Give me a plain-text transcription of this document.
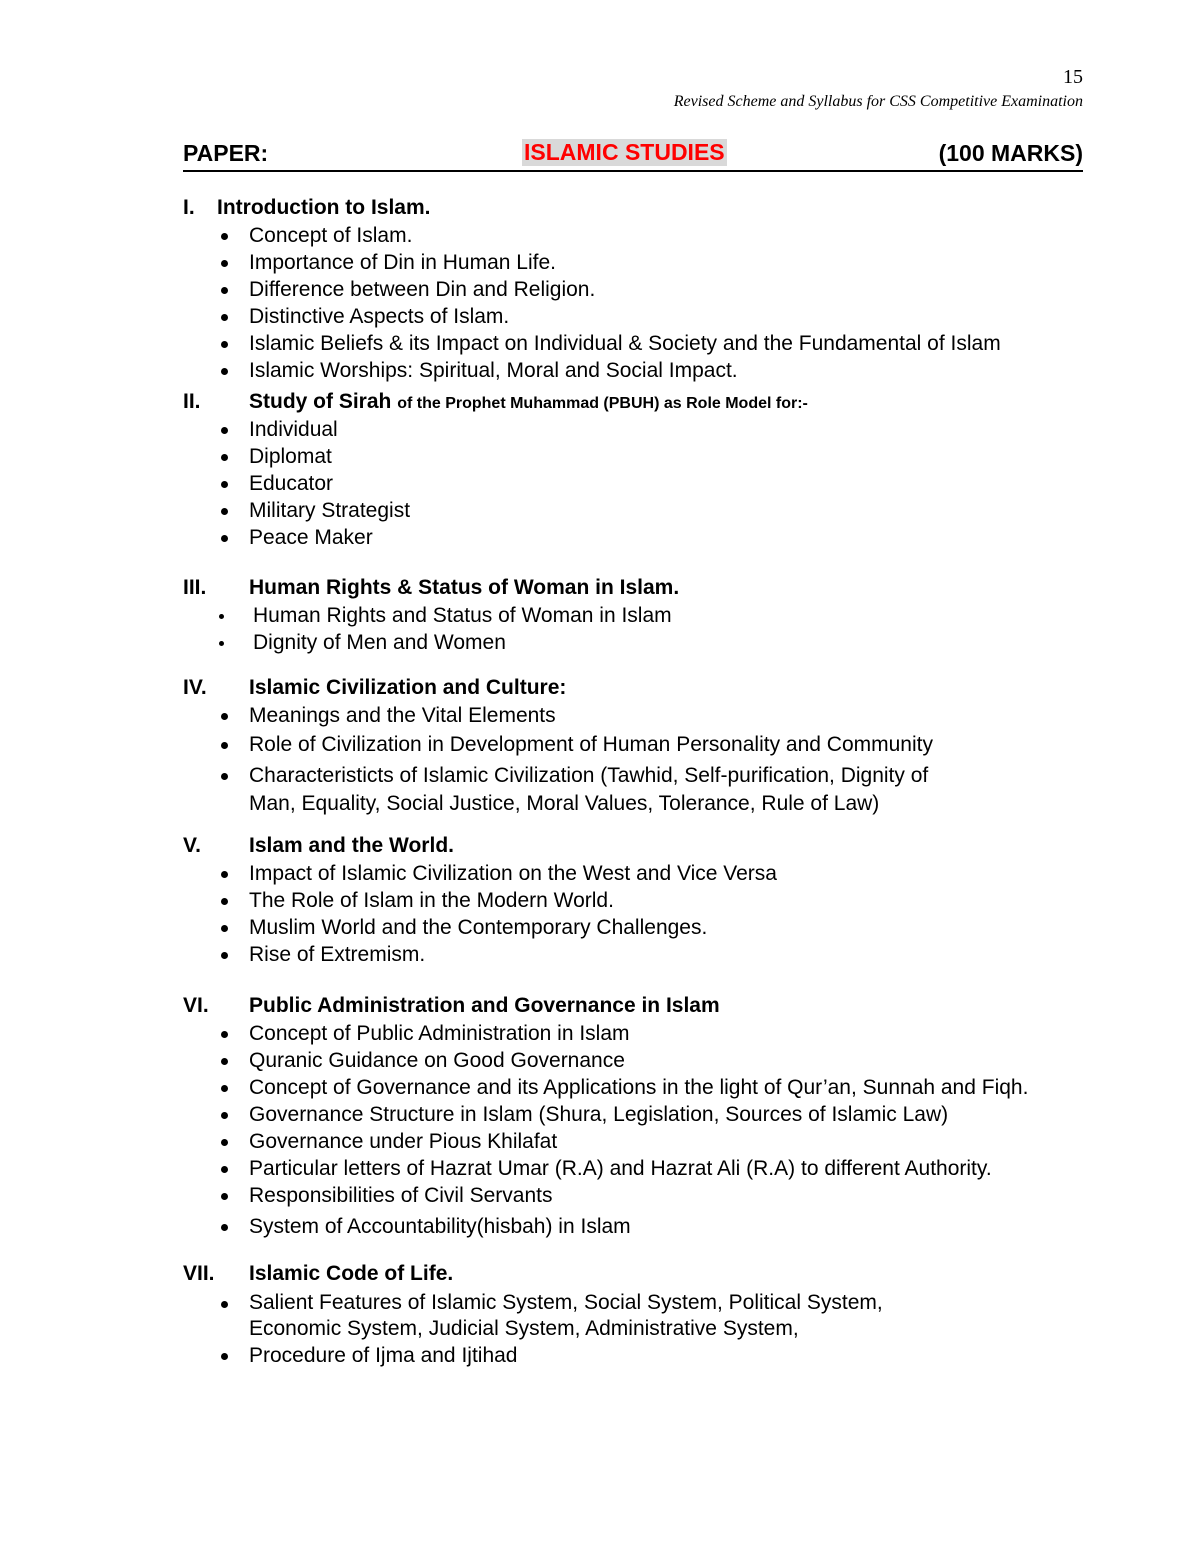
15
Revised Scheme and Syllabus for CSS Competitive Examination
PAPER:	ISLAMIC STUDIES	(100 MARKS)
I. Introduction to Islam.
Concept of Islam.
Importance of Din in Human Life.
Difference between Din and Religion.
Distinctive Aspects of Islam.
Islamic Beliefs & its Impact on Individual & Society and the Fundamental of Islam
Islamic Worships: Spiritual, Moral and Social Impact.
II. Study of Sirah of the Prophet Muhammad (PBUH) as Role Model for:-
Individual
Diplomat
Educator
Military Strategist
Peace Maker
III. Human Rights & Status of Woman in Islam.
Human Rights and Status of Woman in Islam
Dignity of Men and Women
IV. Islamic Civilization and Culture:
Meanings and the Vital Elements
Role of Civilization in Development of Human Personality and Community
Characteristicts of Islamic Civilization (Tawhid, Self-purification, Dignity of Man, Equality, Social Justice, Moral Values, Tolerance, Rule of Law)
V. Islam and the World.
Impact of Islamic Civilization on the West and Vice Versa
The Role of Islam in the Modern World.
Muslim World and the Contemporary Challenges.
Rise of Extremism.
VI. Public Administration and Governance in Islam
Concept of Public Administration in Islam
Quranic Guidance on Good Governance
Concept of Governance and its Applications in the light of Qur’an, Sunnah and Fiqh.
Governance Structure in Islam (Shura, Legislation, Sources of Islamic Law)
Governance under Pious Khilafat
Particular letters of Hazrat Umar (R.A) and Hazrat Ali (R.A) to different Authority.
Responsibilities of Civil Servants
System of Accountability(hisbah) in Islam
VII. Islamic Code of Life.
Salient Features of Islamic System, Social System, Political System, Economic System, Judicial System, Administrative System,
Procedure of Ijma and Ijtihad
